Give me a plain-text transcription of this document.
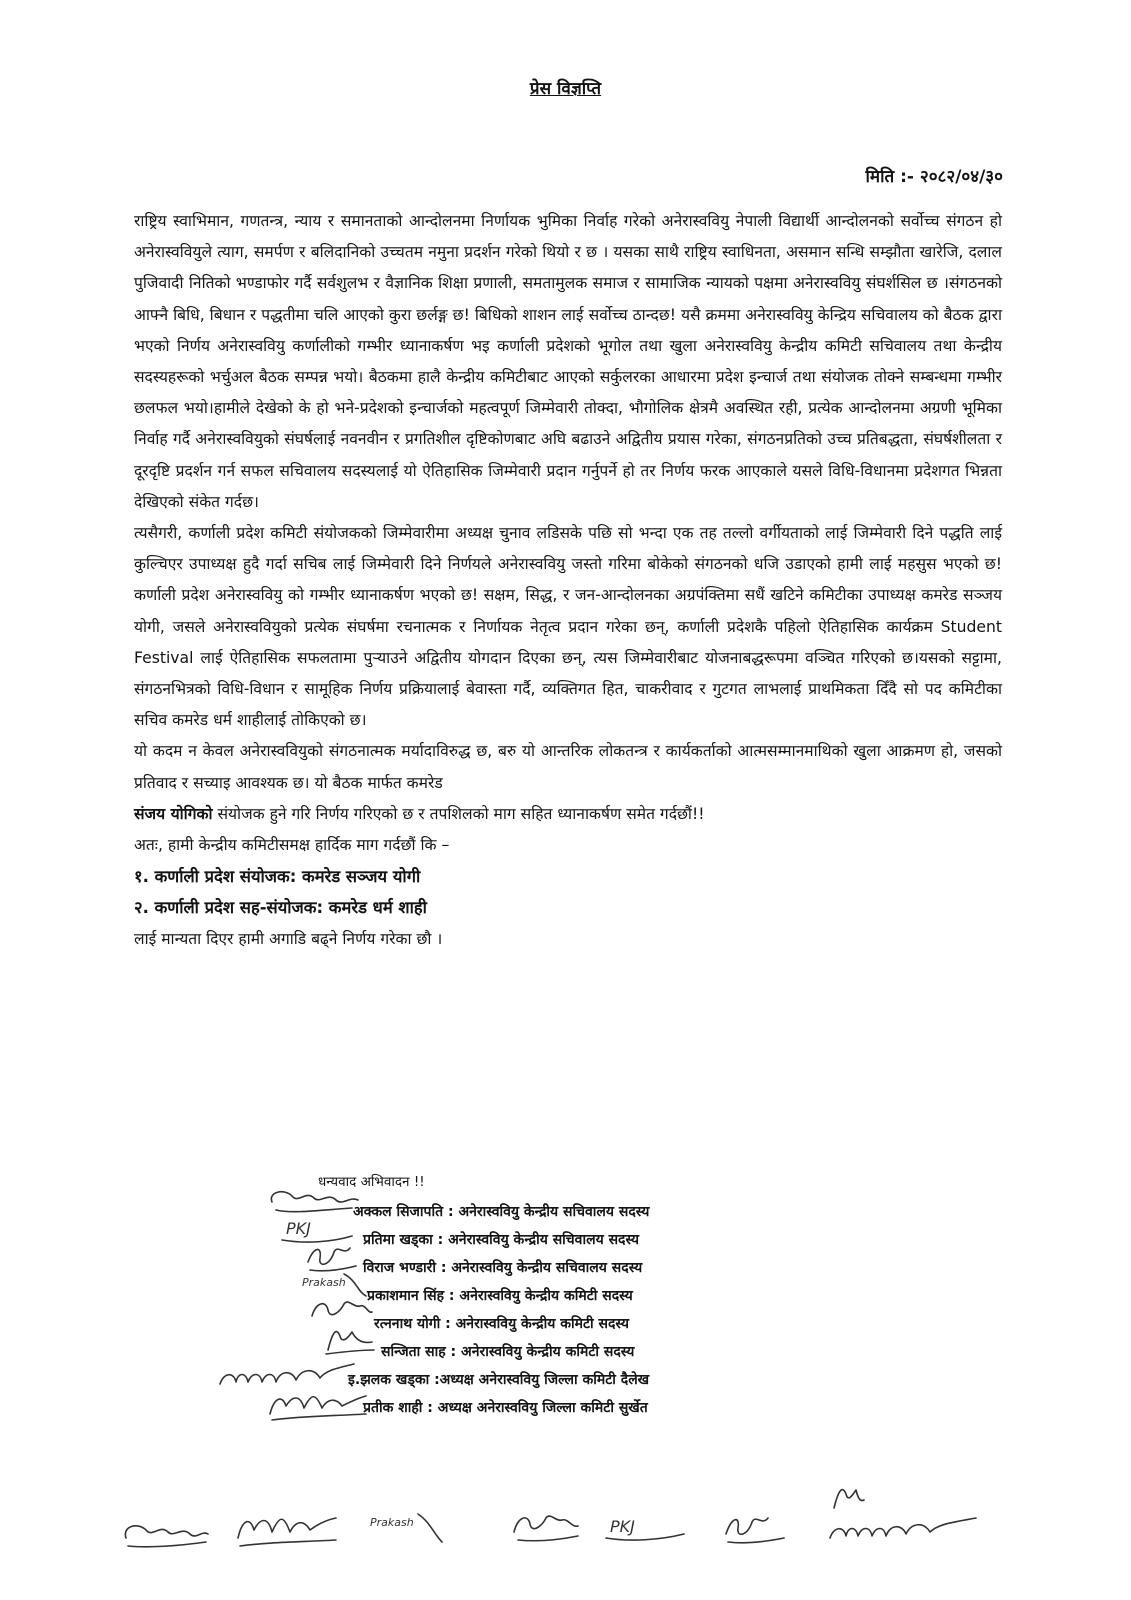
प्रेस विज्ञप्ति
मिति :- २०८२/०४/३०

राष्ट्रिय स्वाभिमान, गणतन्त्र, न्याय र समानताको आन्दोलनमा निर्णायक भुमिका निर्वाह गरेको अनेरास्ववियु नेपाली विद्यार्थी आन्दोलनको सर्वोच्च संगठन हो अनेरास्ववियुले त्याग, समर्पण र बलिदानिको उच्चतम नमुना प्रदर्शन गरेको थियो र छ । यसका साथै राष्ट्रिय स्वाधिनता, असमान सन्धि सम्झौता खारेजि, दलाल पुजिवादी नितिको भण्डाफोर गर्दै सर्वशुलभ र वैज्ञानिक शिक्षा प्रणाली, समतामुलक समाज र सामाजिक न्यायको पक्षमा अनेरास्ववियु संघर्शसिल छ ।संगठनको आफ्नै बिधि, बिधान र पद्धतीमा चलि आएको कुरा छर्लङ्ग छ! बिधिको शाशन लाई सर्वोच्च ठान्दछ! यसै क्रममा अनेरास्ववियु केन्द्रिय सचिवालय को बैठक द्वारा भएको निर्णय अनेरास्ववियु कर्णालीको गम्भीर ध्यानाकर्षण भइ कर्णाली प्रदेशको भूगोल तथा खुला अनेरास्ववियु केन्द्रीय कमिटी सचिवालय तथा केन्द्रीय सदस्यहरूको भर्चुअल बैठक सम्पन्न भयो। बैठकमा हालै केन्द्रीय कमिटीबाट आएको सर्कुलरका आधारमा प्रदेश इन्चार्ज तथा संयोजक तोक्ने सम्बन्धमा गम्भीर छलफल भयो।हामीले देखेको के हो भने-प्रदेशको इन्चार्जको महत्वपूर्ण जिम्मेवारी तोक्दा, भौगोलिक क्षेत्रमै अवस्थित रही, प्रत्येक आन्दोलनमा अग्रणी भूमिका निर्वाह गर्दै अनेरास्ववियुको संघर्षलाई नवनवीन र प्रगतिशील दृष्टिकोणबाट अघि बढाउने अद्वितीय प्रयास गरेका, संगठनप्रतिको उच्च प्रतिबद्धता, संघर्षशीलता र दूरदृष्टि प्रदर्शन गर्न सफल सचिवालय सदस्यलाई यो ऐतिहासिक जिम्मेवारी प्रदान गर्नुपर्ने हो तर निर्णय फरक आएकाले यसले विधि-विधानमा प्रदेशगत भिन्नता देखिएको संकेत गर्दछ।

त्यसैगरी, कर्णाली प्रदेश कमिटी संयोजकको जिम्मेवारीमा अध्यक्ष चुनाव लडिसके पछि सो भन्दा एक तह तल्लो वर्गीयताको लाई जिम्मेवारी दिने पद्धति लाई कुल्चिएर उपाध्यक्ष हुदै गर्दा सचिब लाई जिम्मेवारी दिने निर्णयले अनेरास्ववियु जस्तो गरिमा बोकेको संगठनको धजि उडाएको हामी लाई महसुस भएको छ! कर्णाली प्रदेश अनेरास्ववियु को गम्भीर ध्यानाकर्षण भएको छ! सक्षम, सिद्ध, र जन-आन्दोलनका अग्रपंक्तिमा सधैं खटिने कमिटीका उपाध्यक्ष कमरेड सञ्जय योगी, जसले अनेरास्ववियुको प्रत्येक संघर्षमा रचनात्मक र निर्णायक नेतृत्व प्रदान गरेका छन्, कर्णाली प्रदेशकै पहिलो ऐतिहासिक कार्यक्रम Student Festival लाई ऐतिहासिक सफलतामा पुर्‍याउने अद्वितीय योगदान दिएका छन्, त्यस जिम्मेवारीबाट योजनाबद्धरूपमा वञ्चित गरिएको छ।यसको सट्टामा, संगठनभित्रको विधि-विधान र सामूहिक निर्णय प्रक्रियालाई बेवास्ता गर्दै, व्यक्तिगत हित, चाकरीवाद र गुटगत लाभलाई प्राथमिकता दिँदै सो पद कमिटीका सचिव कमरेड धर्म शाहीलाई तोकिएको छ।

यो कदम न केवल अनेरास्ववियुको संगठनात्मक मर्यादाविरुद्ध छ, बरु यो आन्तरिक लोकतन्त्र र कार्यकर्ताको आत्मसम्मानमाथिको खुला आक्रमण हो, जसको प्रतिवाद र सच्याइ आवश्यक छ। यो बैठक मार्फत कमरेड
संजय योगिको संयोजक हुने गरि निर्णय गरिएको छ र तपशिलको माग सहित ध्यानाकर्षण समेत गर्दछौं!!

अतः, हामी केन्द्रीय कमिटीसमक्ष हार्दिक माग गर्दछौं कि –

१. कर्णाली प्रदेश संयोजक: कमरेड सञ्जय योगी

२. कर्णाली प्रदेश सह-संयोजक: कमरेड धर्म शाही

लाई मान्यता दिएर हामी अगाडि बढ्ने निर्णय गरेका छौ ।

धन्यवाद अभिवादन !!
अक्कल सिजापति : अनेरास्ववियु केन्द्रीय सचिवालय सदस्य
प्रतिमा खड्का : अनेरास्ववियु केन्द्रीय सचिवालय सदस्य
विराज भण्डारी : अनेरास्ववियु केन्द्रीय सचिवालय सदस्य
प्रकाशमान सिंह : अनेरास्ववियु केन्द्रीय कमिटी सदस्य
रत्ननाथ योगी : अनेरास्ववियु केन्द्रीय कमिटी सदस्य
सन्जिता साह : अनेरास्ववियु केन्द्रीय कमिटी सदस्य
इ.झलक खड्का :अध्यक्ष अनेरास्ववियु जिल्ला कमिटी दैलेख
प्रतीक शाही : अध्यक्ष अनेरास्ववियु जिल्ला कमिटी सुर्खेत
PKJ
Prakash
Prakash	PKJ
